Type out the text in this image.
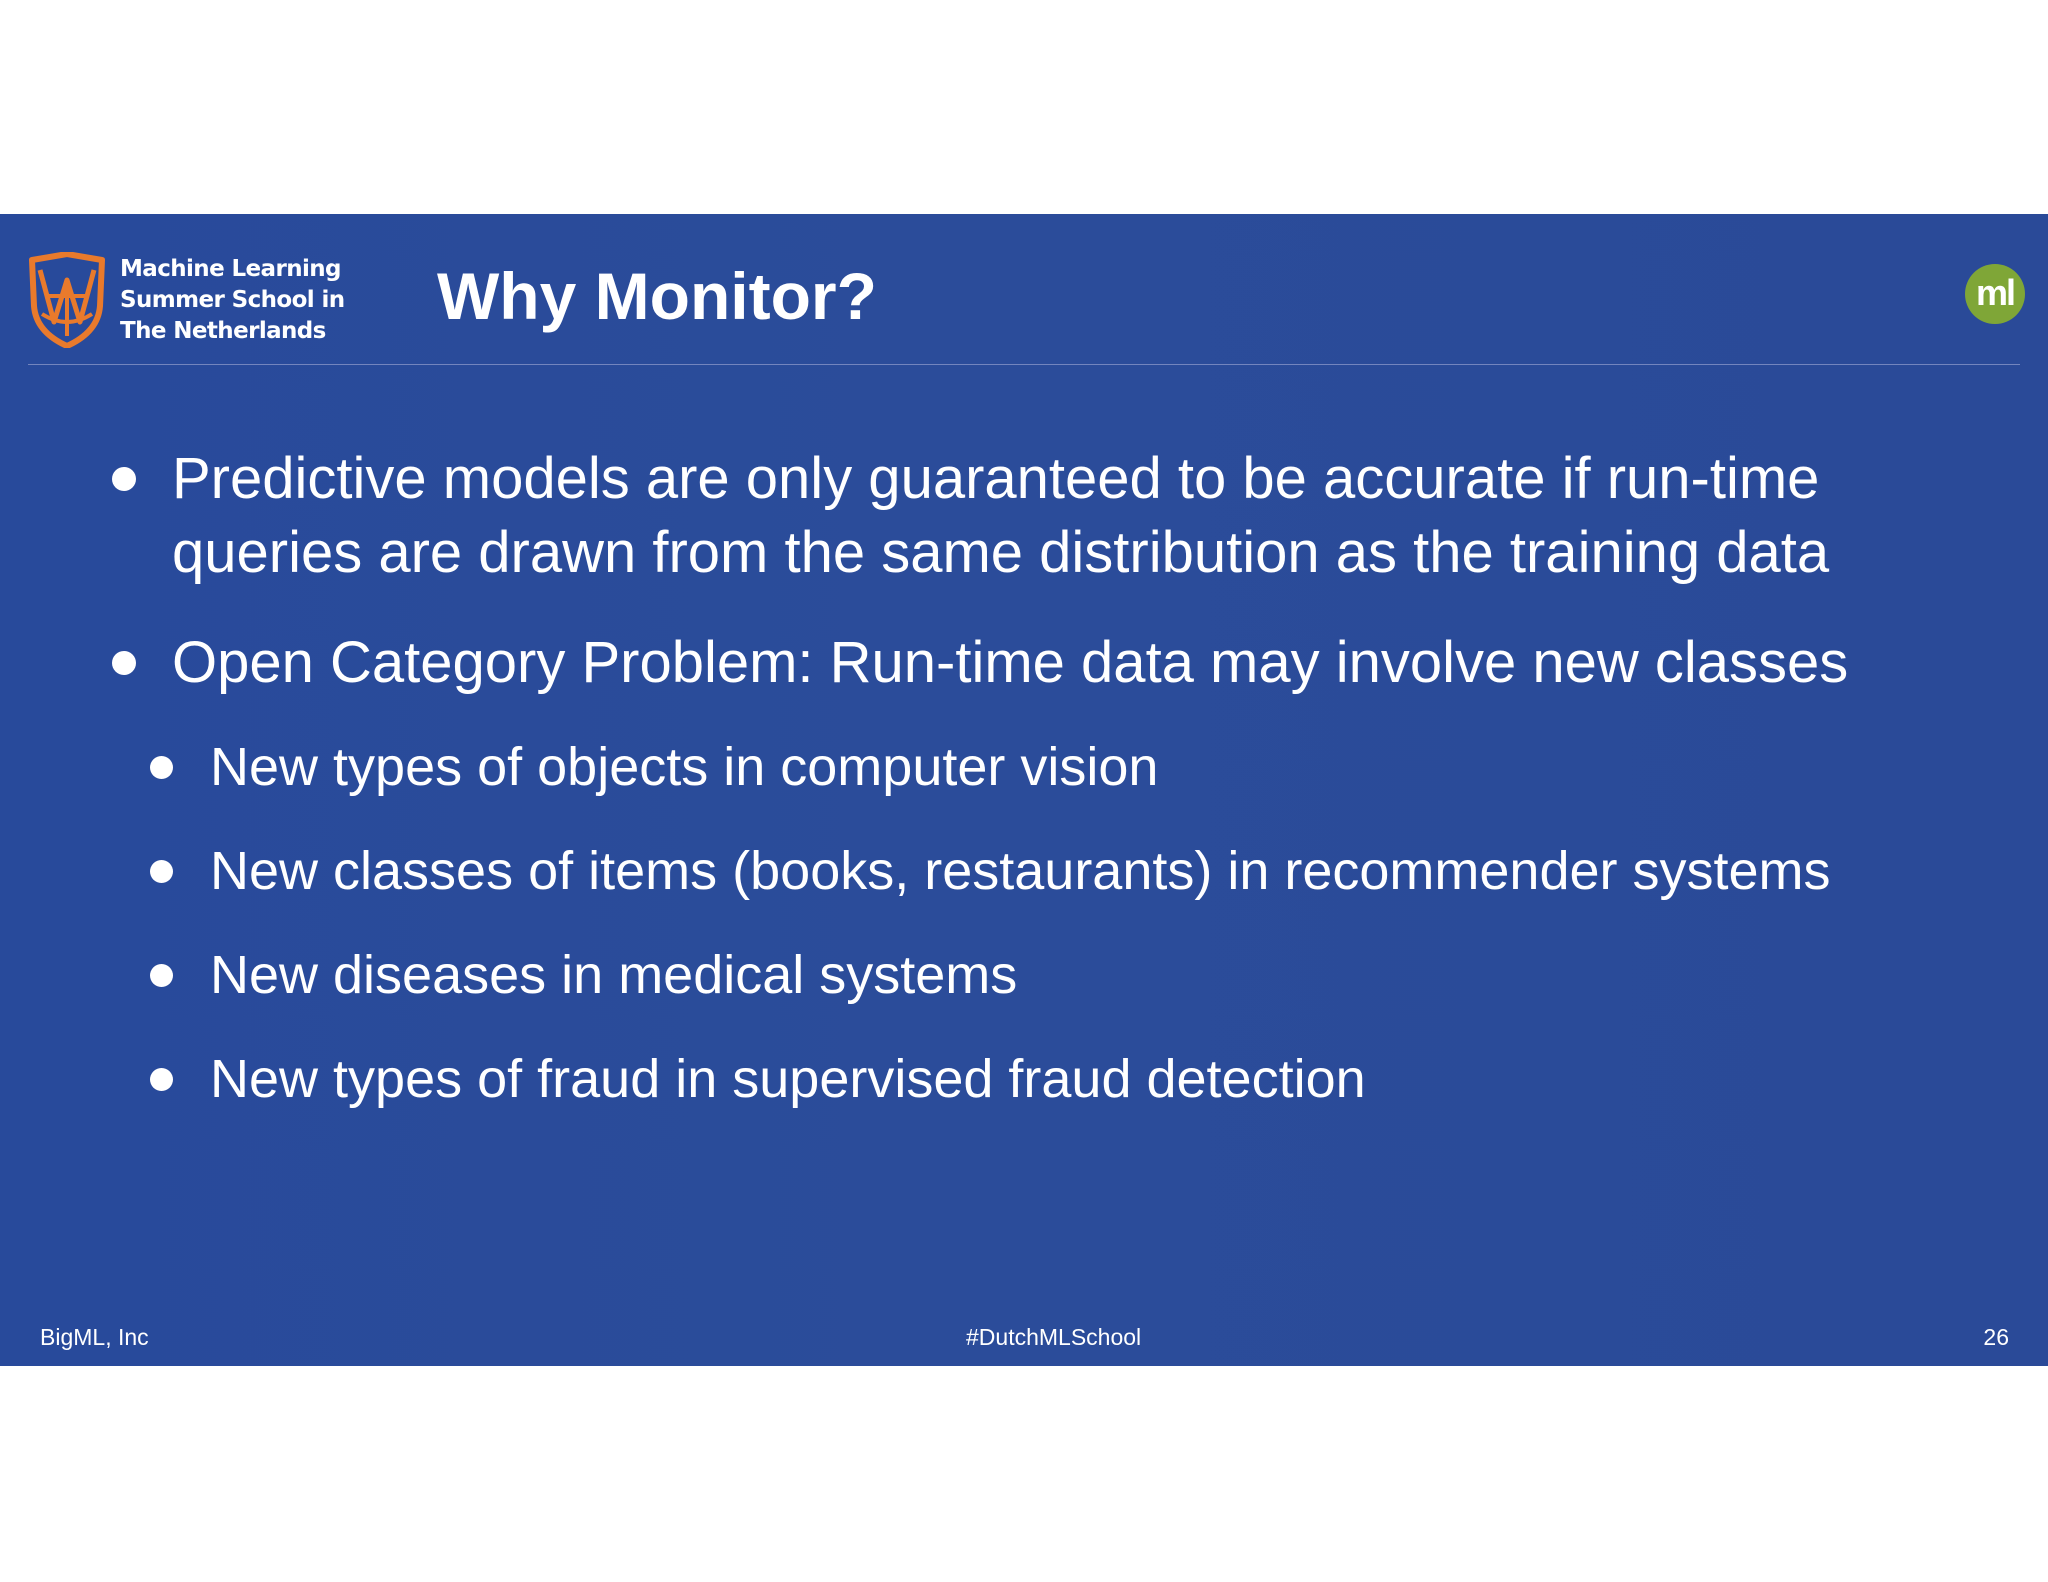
Machine Learning
Summer School in
The Netherlands Why Monitor?	ml
Predictive models are only guaranteed to be accurate if run-time
queries are drawn from the same distribution as the training data
Open Category Problem: Run-time data may involve new classes
New types of objects in computer vision
New classes of items (books, restaurants) in recommender systems
New diseases in medical systems
New types of fraud in supervised fraud detection
BigML, Inc	#DutchMLSchool	26
